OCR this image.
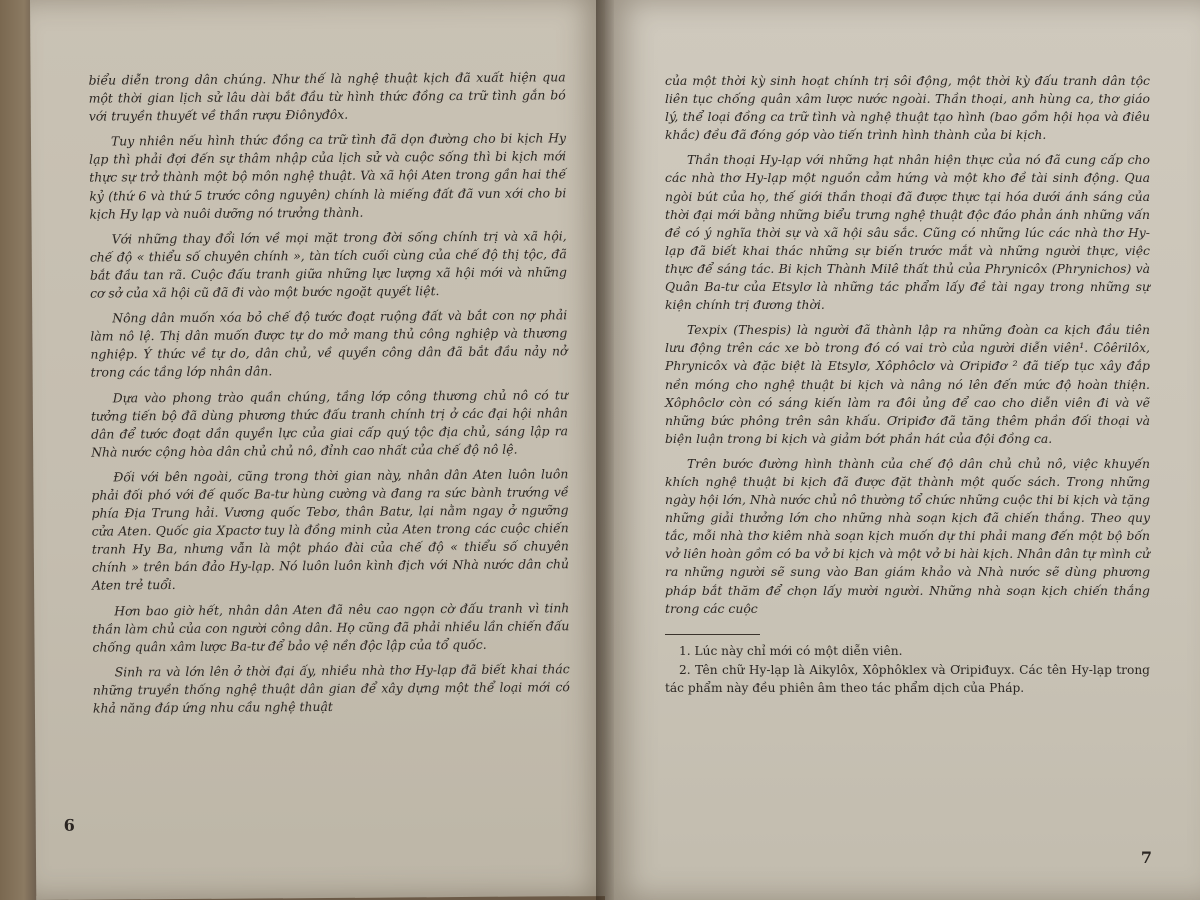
biểu diễn trong dân chúng. Như thế là nghệ thuật kịch đã xuất hiện qua một thời gian lịch sử lâu dài bắt đầu từ hình thức đồng ca trữ tình gắn bó với truyền thuyết về thần rượu Điônyđôx.

Tuy nhiên nếu hình thức đồng ca trữ tình đã dọn đường cho bi kịch Hy lạp thì phải đợi đến sự thâm nhập của lịch sử và cuộc sống thì bi kịch mới thực sự trở thành một bộ môn nghệ thuật. Và xã hội Aten trong gần hai thế kỷ (thứ 6 và thứ 5 trước công nguyên) chính là miếng đất đã vun xới cho bi kịch Hy lạp và nuôi dưỡng nó trưởng thành.

Với những thay đổi lớn về mọi mặt trong đời sống chính trị và xã hội, chế độ « thiểu số chuyên chính », tàn tích cuối cùng của chế độ thị tộc, đã bắt đầu tan rã. Cuộc đấu tranh giữa những lực lượng xã hội mới và những cơ sở của xã hội cũ đã đi vào một bước ngoặt quyết liệt.

Nông dân muốn xóa bỏ chế độ tước đoạt ruộng đất và bắt con nợ phải làm nô lệ. Thị dân muốn được tự do mở mang thủ công nghiệp và thương nghiệp. Ý thức về tự do, dân chủ, về quyền công dân đã bắt đầu nảy nở trong các tầng lớp nhân dân.

Dựa vào phong trào quần chúng, tầng lớp công thương chủ nô có tư tưởng tiến bộ đã dùng phương thức đấu tranh chính trị ở các đại hội nhân dân để tước đoạt dần quyền lực của giai cấp quý tộc địa chủ, sáng lập ra Nhà nước cộng hòa dân chủ chủ nô, đỉnh cao nhất của chế độ nô lệ.

Đối với bên ngoài, cũng trong thời gian này, nhân dân Aten luôn luôn phải đối phó với đế quốc Ba-tư hùng cường và đang ra sức bành trướng về phía Địa Trung hải. Vương quốc Tebơ, thân Batư, lại nằm ngay ở ngưỡng cửa Aten. Quốc gia Xpactơ tuy là đồng minh của Aten trong các cuộc chiến tranh Hy Ba, nhưng vẫn là một pháo đài của chế độ « thiểu số chuyên chính » trên bán đảo Hy-lạp. Nó luôn luôn kình địch với Nhà nước dân chủ Aten trẻ tuổi.

Hơn bao giờ hết, nhân dân Aten đã nêu cao ngọn cờ đấu tranh vì tinh thần làm chủ của con người công dân. Họ cũng đã phải nhiều lần chiến đấu chống quân xâm lược Ba-tư để bảo vệ nền độc lập của tổ quốc.

Sinh ra và lớn lên ở thời đại ấy, nhiều nhà thơ Hy-lạp đã biết khai thác những truyền thống nghệ thuật dân gian để xây dựng một thể loại mới có khả năng đáp ứng nhu cầu nghệ thuật

6

của một thời kỳ sinh hoạt chính trị sôi động, một thời kỳ đấu tranh dân tộc liên tục chống quân xâm lược nước ngoài. Thần thoại, anh hùng ca, thơ giáo lý, thể loại đồng ca trữ tình và nghệ thuật tạo hình (bao gồm hội họa và điêu khắc) đều đã đóng góp vào tiến trình hình thành của bi kịch.

Thần thoại Hy-lạp với những hạt nhân hiện thực của nó đã cung cấp cho các nhà thơ Hy-lạp một nguồn cảm hứng và một kho đề tài sinh động. Qua ngòi bút của họ, thế giới thần thoại đã được thực tại hóa dưới ánh sáng của thời đại mới bằng những biểu trưng nghệ thuật độc đáo phản ánh những vấn đề có ý nghĩa thời sự và xã hội sâu sắc. Cũng có những lúc các nhà thơ Hy-lạp đã biết khai thác những sự biến trước mắt và những người thực, việc thực để sáng tác. Bi kịch Thành Milê thất thủ của Phrynicôx (Phrynichos) và Quân Ba-tư của Etsylơ là những tác phẩm lấy đề tài ngay trong những sự kiện chính trị đương thời.

Texpix (Thespis) là người đã thành lập ra những đoàn ca kịch đầu tiên lưu động trên các xe bò trong đó có vai trò của người diễn viên¹. Côêrilôx, Phrynicôx và đặc biệt là Etsylơ, Xôphôclơ và Ơripiđơ ² đã tiếp tục xây đắp nền móng cho nghệ thuật bi kịch và nâng nó lên đến mức độ hoàn thiện. Xôphôclơ còn có sáng kiến làm ra đôi ủng để cao cho diễn viên đi và vẽ những bức phông trên sân khấu. Ơripiđơ đã tăng thêm phần đối thoại và biện luận trong bi kịch và giảm bớt phần hát của đội đồng ca.

Trên bước đường hình thành của chế độ dân chủ chủ nô, việc khuyến khích nghệ thuật bi kịch đã được đặt thành một quốc sách. Trong những ngày hội lớn, Nhà nước chủ nô thường tổ chức những cuộc thi bi kịch và tặng những giải thưởng lớn cho những nhà soạn kịch đã chiến thắng. Theo quy tắc, mỗi nhà thơ kiêm nhà soạn kịch muốn dự thi phải mang đến một bộ bốn vở liên hoàn gồm có ba vở bi kịch và một vở bi hài kịch. Nhân dân tự mình cử ra những người sẽ sung vào Ban giám khảo và Nhà nước sẽ dùng phương pháp bắt thăm để chọn lấy mười người. Những nhà soạn kịch chiến thắng trong các cuộc

1. Lúc này chỉ mới có một diễn viên.

2. Tên chữ Hy-lạp là Aikylôx, Xôphôklex và Ơripiđuyx. Các tên Hy-lạp trong tác phẩm này đều phiên âm theo tác phẩm dịch của Pháp.

7
